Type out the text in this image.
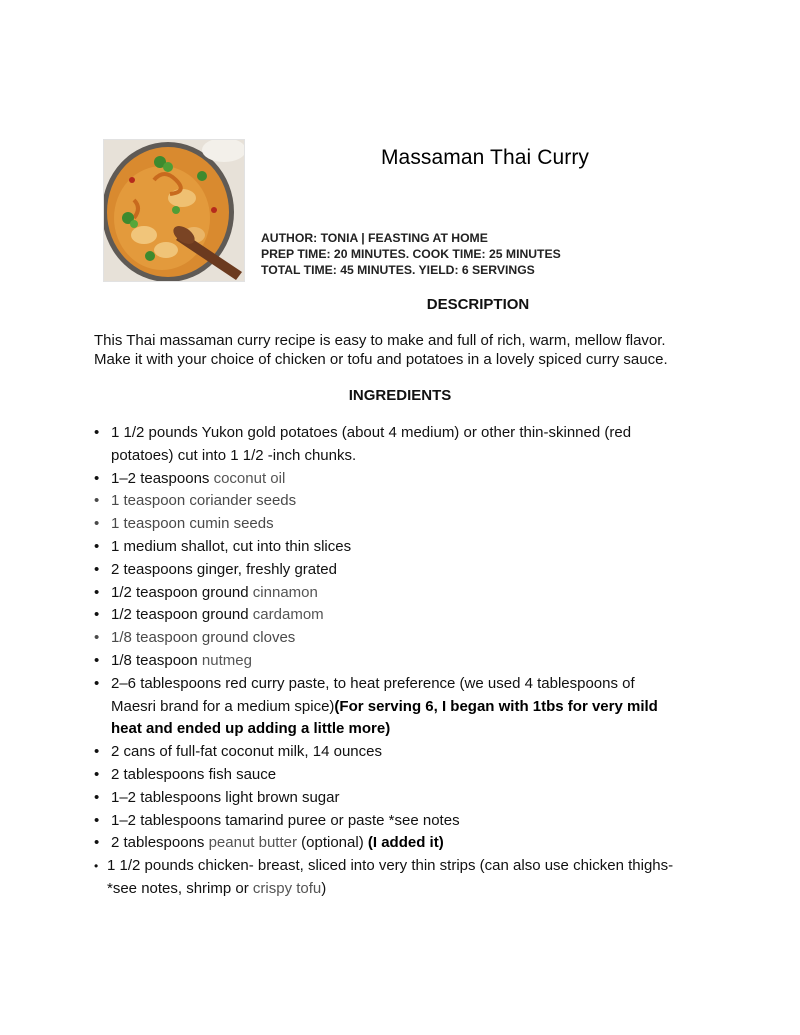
Massaman Thai Curry
AUTHOR: TONIA | FEASTING AT HOME
PREP TIME: 20 MINUTES. COOK TIME: 25 MINUTES
TOTAL TIME: 45 MINUTES. YIELD: 6 SERVINGS
DESCRIPTION

This Thai massaman curry recipe is easy to make and full of rich, warm, mellow flavor.
Make it with your choice of chicken or tofu and potatoes in a lovely spiced curry sauce.

INGREDIENTS
• 1 1/2 pounds Yukon gold potatoes (about 4 medium) or other thin-skinned (red
potatoes) cut into 1 1/2 -inch chunks.
• 1–2 teaspoons coconut oil
• 1 teaspoon coriander seeds
• 1 teaspoon cumin seeds
• 1 medium shallot, cut into thin slices
• 2 teaspoons ginger, freshly grated
• 1/2 teaspoon ground cinnamon
• 1/2 teaspoon ground cardamom
• 1/8 teaspoon ground cloves
• 1/8 teaspoon nutmeg
• 2–6 tablespoons red curry paste, to heat preference (we used 4 tablespoons of
Maesri brand for a medium spice)(For serving 6, I began with 1tbs for very mild
heat and ended up adding a little more)
• 2 cans of full-fat coconut milk, 14 ounces
• 2 tablespoons fish sauce
• 1–2 tablespoons light brown sugar
• 1–2 tablespoons tamarind puree or paste *see notes
• 2 tablespoons peanut butter (optional) (I added it)
• 1 1/2 pounds chicken- breast, sliced into very thin strips (can also use chicken thighs-
*see notes, shrimp or crispy tofu)
